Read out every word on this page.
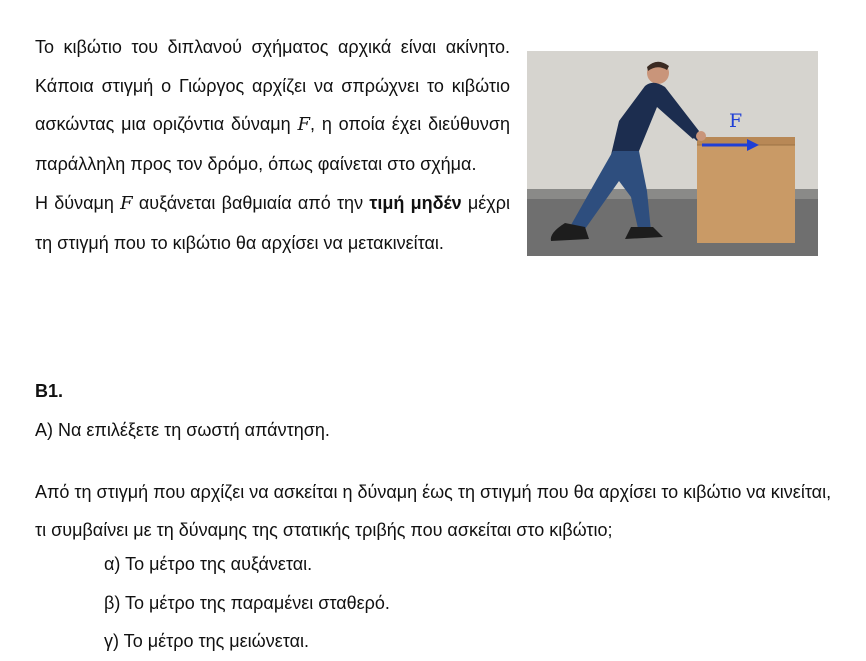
Το κιβώτιο του διπλανού σχήματος αρχικά είναι ακίνητο. Κάποια στιγμή ο Γιώργος αρχίζει να σπρώχνει το κιβώτιο ασκώντας μια οριζόντια δύναμη F, η οποία έχει διεύθυνση παράλληλη προς τον δρόμο, όπως φαίνεται στο σχήμα.

Η δύναμη F αυξάνεται βαθμιαία από την τιμή μηδέν μέχρι τη στιγμή που το κιβώτιο θα αρχίσει να μετακινείται.

F
Β1.
Α) Να επιλέξετε τη σωστή απάντηση.
Από τη στιγμή που αρχίζει να ασκείται η δύναμη έως τη στιγμή που θα αρχίσει το κιβώτιο να κινείται, τι συμβαίνει με τη δύναμης της στατικής τριβής που ασκείται στο κιβώτιο;
α) Το μέτρο της αυξάνεται.
β) Το μέτρο της παραμένει σταθερό.
γ) Το μέτρο της μειώνεται.
